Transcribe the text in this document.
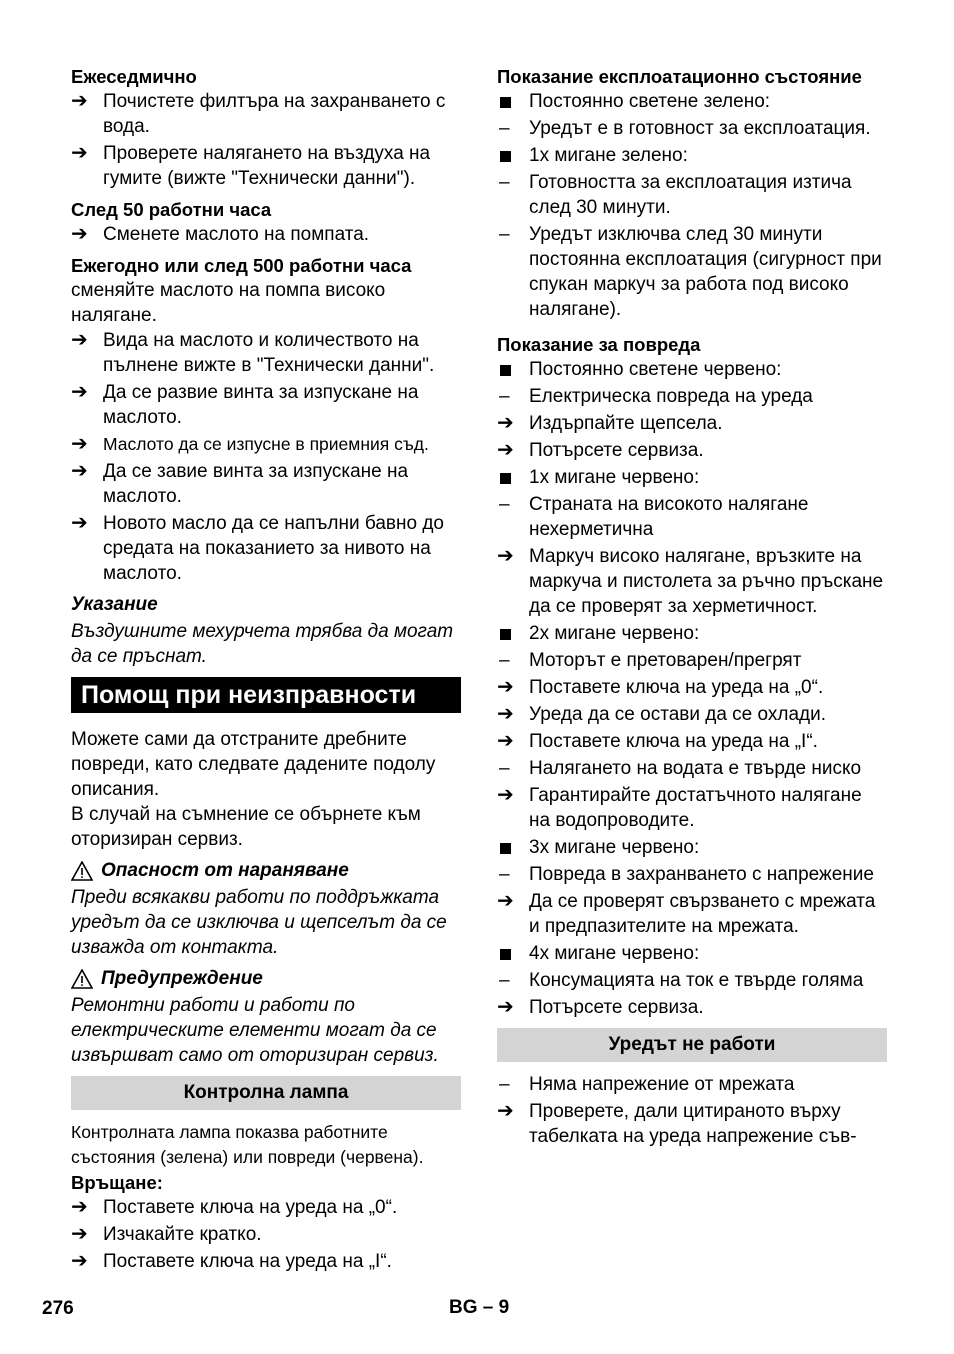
Ежеседмично
➔ Почистете филтъра на захранването с вода.
➔ Проверете налягането на въздуха на гумите (вижте "Технически данни").
След 50 работни часа
➔ Сменете маслото на помпата.
Ежегодно или след 500 работни часа
сменяйте маслото на помпа високо налягане.
➔ Вида на маслото и количеството на пълнене вижте в "Технически данни".
➔ Да се развие винта за изпускане на маслото.
➔ Маслото да се изпусне в приемния съд.
➔ Да се завие винта за изпускане на маслото.
➔ Новото масло да се напълни бавно до средата на показанието за нивото на маслото.
Указание
Въздушните мехурчета трябва да могат да се пръснат.
Помощ при неизправности
Можете сами да отстраните дребните повреди, като следвате дадените подолу описания.
В случай на съмнение се обърнете към оторизиран сервиз.
Опасност от нараняване
Преди всякакви работи по поддръжката уредът да се изключва и щепселът да се изважда от контакта.
Предупреждение
Ремонтни работи и работи по електрическите елементи могат да се извършват само от оторизиран сервиз.
Контролна лампа
Контролната лампа показва работните състояния (зелена) или повреди (червена).
Връщане:
➔ Поставете ключа на уреда на „0“.
➔ Изчакайте кратко.
➔ Поставете ключа на уреда на „I“.
Показание експлоатационно състояние
Постоянно светене зелено:
–	Уредът е в готовност за експлоатация.
1х мигане зелено:
–	Готовността за експлоатация изтича след 30 минути.
–	Уредът изключва след 30 минути постоянна експлоатация (сигурност при спукан маркуч за работа под високо налягане).
Показание за повреда
Постоянно светене червено:
–	Електрическа повреда на уреда
➔ Издърпайте щепсела.
➔ Потърсете сервиза.
1x мигане червено:
–	Страната на високото налягане нехерметична
➔ Маркуч високо налягане, връзките на маркуча и пистолета за ръчно пръскане да се проверят за херметичност.
2x мигане червено:
–	Моторът е претоварен/прегрят
➔ Поставете ключа на уреда на „0“.
➔ Уреда да се остави да се охлади.
➔ Поставете ключа на уреда на „I“.
–	Налягането на водата е твърде ниско
➔ Гарантирайте достатъчното налягане на водопроводите.
3x мигане червено:
–	Повреда в захранването с напрежение
➔ Да се проверят свързването с мрежата и предпазителите на мрежата.
4x мигане червено:
–	Консумацията на ток е твърде голяма
➔ Потърсете сервиза.
Уредът не работи
–	Няма напрежение от мрежата
➔ Проверете, дали цитираното върху табелката на уреда напрежение съв-
276	BG – 9
